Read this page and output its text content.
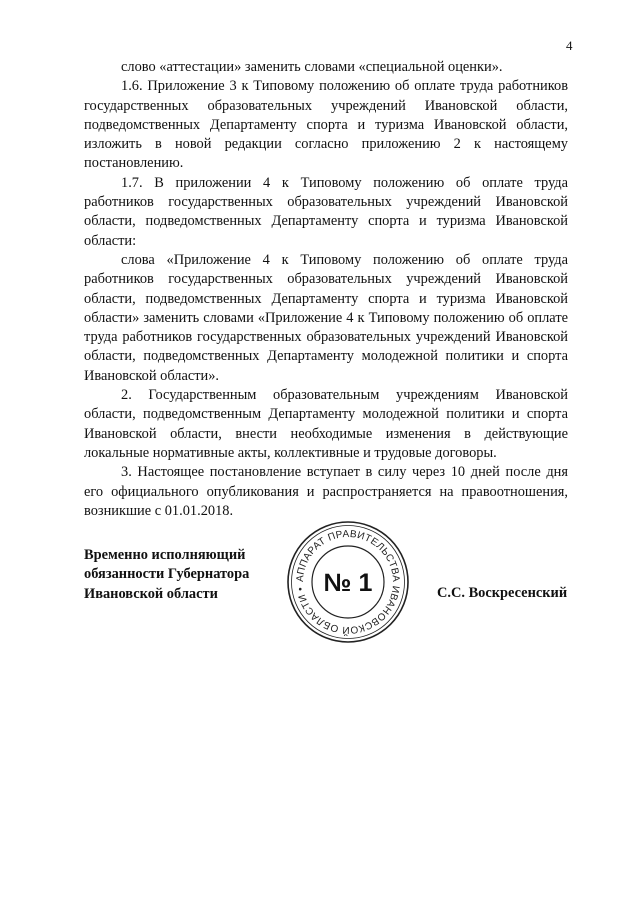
4

слово «аттестации» заменить словами «специальной оценки».

1.6. Приложение 3 к Типовому положению об оплате труда работников государственных образовательных учреждений Ивановской области, подведомственных Департаменту спорта и туризма Ивановской области, изложить в новой редакции согласно приложению 2 к настоящему постановлению.

1.7. В приложении 4 к Типовому положению об оплате труда работников государственных образовательных учреждений Ивановской области, подведомственных Департаменту спорта и туризма Ивановской области:

слова «Приложение 4 к Типовому положению об оплате труда работников государственных образовательных учреждений Ивановской области, подведомственных Департаменту спорта и туризма Ивановской области» заменить словами «Приложение 4 к Типовому положению об оплате труда работников государственных образовательных учреждений Ивановской области, подведомственных Департаменту молодежной политики и спорта Ивановской области».

2. Государственным образовательным учреждениям Ивановской области, подведомственным Департаменту молодежной политики и спорта Ивановской области, внести необходимые изменения в действующие локальные нормативные акты, коллективные и трудовые договоры.

3. Настоящее постановление вступает в силу через 10 дней после дня его официального опубликования и распространяется на правоотношения, возникшие с 01.01.2018.

Временно исполняющий
обязанности Губернатора
Ивановской области	С.С. Воскресенский
АППАРАТ ПРАВИТЕЛЬСТВА ИВАНОВСКОЙ ОБЛАСТИ • № 1
